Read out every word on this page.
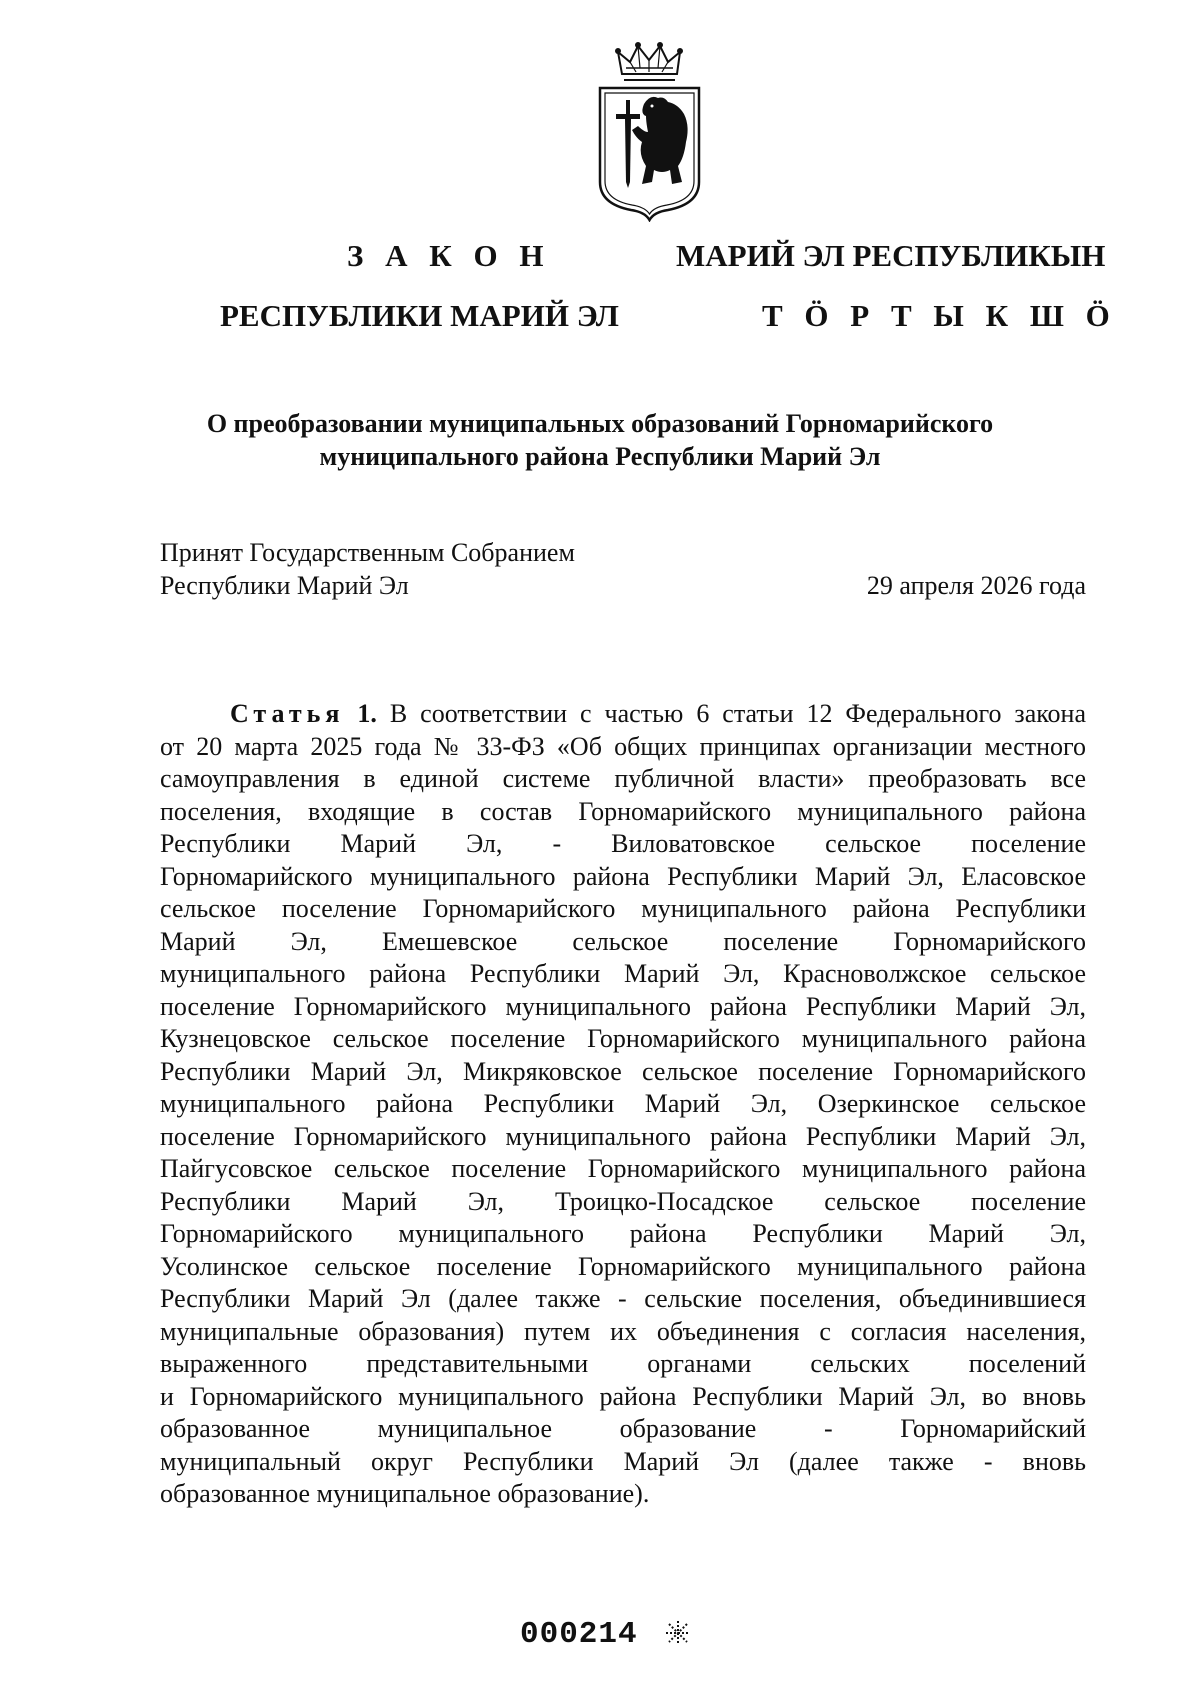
З А К О Н
РЕСПУБЛИКИ МАРИЙ ЭЛ
МАРИЙ ЭЛ РЕСПУБЛИКЫН
Т Ӧ Р Т Ы К Ш Ӧ
О преобразовании муниципальных образований Горномарийского
муниципального района Республики Марий Эл
Принят Государственным Собранием
Республики Марий Эл	29 апреля 2026 года
Статья 1. В соответствии с частью 6 статьи 12 Федерального закона
от 20 марта 2025 года № 33-ФЗ «Об общих принципах организации местного
самоуправления в единой системе публичной власти» преобразовать все
поселения, входящие в состав Горномарийского муниципального района
Республики Марий Эл, - Виловатовское сельское поселение
Горномарийского муниципального района Республики Марий Эл, Еласовское
сельское поселение Горномарийского муниципального района Республики
Марий Эл, Емешевское сельское поселение Горномарийского
муниципального района Республики Марий Эл, Красноволжское сельское
поселение Горномарийского муниципального района Республики Марий Эл,
Кузнецовское сельское поселение Горномарийского муниципального района
Республики Марий Эл, Микряковское сельское поселение Горномарийского
муниципального района Республики Марий Эл, Озеркинское сельское
поселение Горномарийского муниципального района Республики Марий Эл,
Пайгусовское сельское поселение Горномарийского муниципального района
Республики Марий Эл, Троицко-Посадское сельское поселение
Горномарийского муниципального района Республики Марий Эл,
Усолинское сельское поселение Горномарийского муниципального района
Республики Марий Эл (далее также - сельские поселения, объединившиеся
муниципальные образования) путем их объединения с согласия населения,
выраженного представительными органами сельских поселений
и Горномарийского муниципального района Республики Марий Эл, во вновь
образованное муниципальное образование - Горномарийский
муниципальный округ Республики Марий Эл (далее также - вновь
образованное муниципальное образование).
000214
